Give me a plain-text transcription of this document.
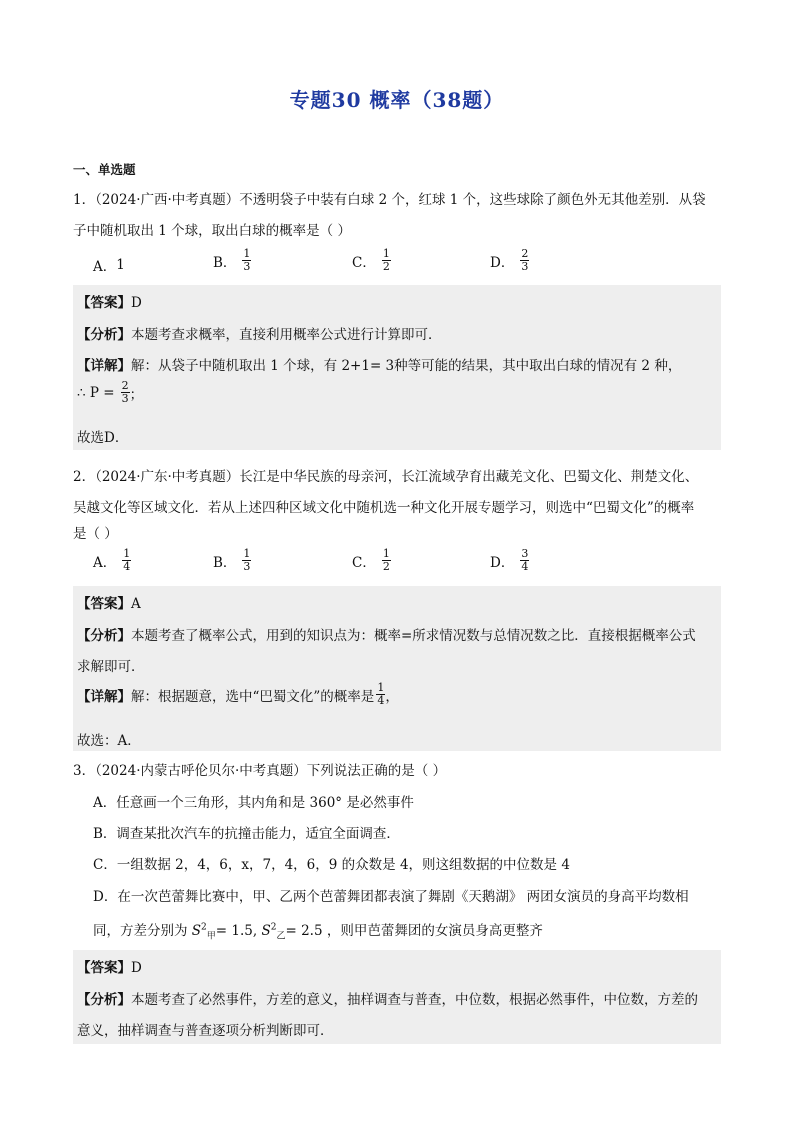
专题30 概率（38题）
一、单选题
1．（2024·广西·中考真题）不透明袋子中装有白球 2 个，红球 1 个，这些球除了颜色外无其他差别．从袋
子中随机取出 1 个球，取出白球的概率是（ ）
A． 1	B． $\frac{1}{3}$	C． $\frac{1}{2}$	D． $\frac{2}{3}$
【答案】D
【分析】本题考查求概率，直接利用概率公式进行计算即可．
【详解】解：从袋子中随机取出 1 个球，有 2+1= 3种等可能的结果，其中取出白球的情况有 2 种，
∴ $P = \frac{2}{3}$ ；
故选D．
2．（2024·广东·中考真题）长江是中华民族的母亲河，长江流域孕育出藏羌文化、巴蜀文化、荆楚文化、
吴越文化等区域文化．若从上述四种区域文化中随机选一种文化开展专题学习，则选中“巴蜀文化”的概率
是（ ）
A． $\frac{1}{4}$	B． $\frac{1}{3}$	C． $\frac{1}{2}$	D． $\frac{3}{4}$
【答案】A
【分析】本题考查了概率公式，用到的知识点为：概率=所求情况数与总情况数之比．直接根据概率公式
求解即可．
【详解】 解：根据题意，选中“巴蜀文化”的概率是 $\frac{1}{4}$ ，
故选：A．
3．（2024·内蒙古呼伦贝尔·中考真题）下列说法正确的是（ ）
A．任意画一个三角形，其内角和是 360° 是必然事件
B．调查某批次汽车的抗撞击能力，适宜全面调查．
C．一组数据 2，4，6，x，7，4，6，9 的众数是 4，则这组数据的中位数是 4
D．在一次芭蕾舞比赛中，甲、乙两个芭蕾舞团都表演了舞剧《天鹅湖》 两团女演员的身高平均数相
同，方差分别为 $S^2_甲= 1.5$, $S^2_乙= 2.5$ ，则甲芭蕾舞团的女演员身高更整齐
【答案】D
【分析】本题考查了必然事件，方差的意义，抽样调查与普查，中位数，根据必然事件，中位数，方差的
意义，抽样调查与普查逐项分析判断即可．
